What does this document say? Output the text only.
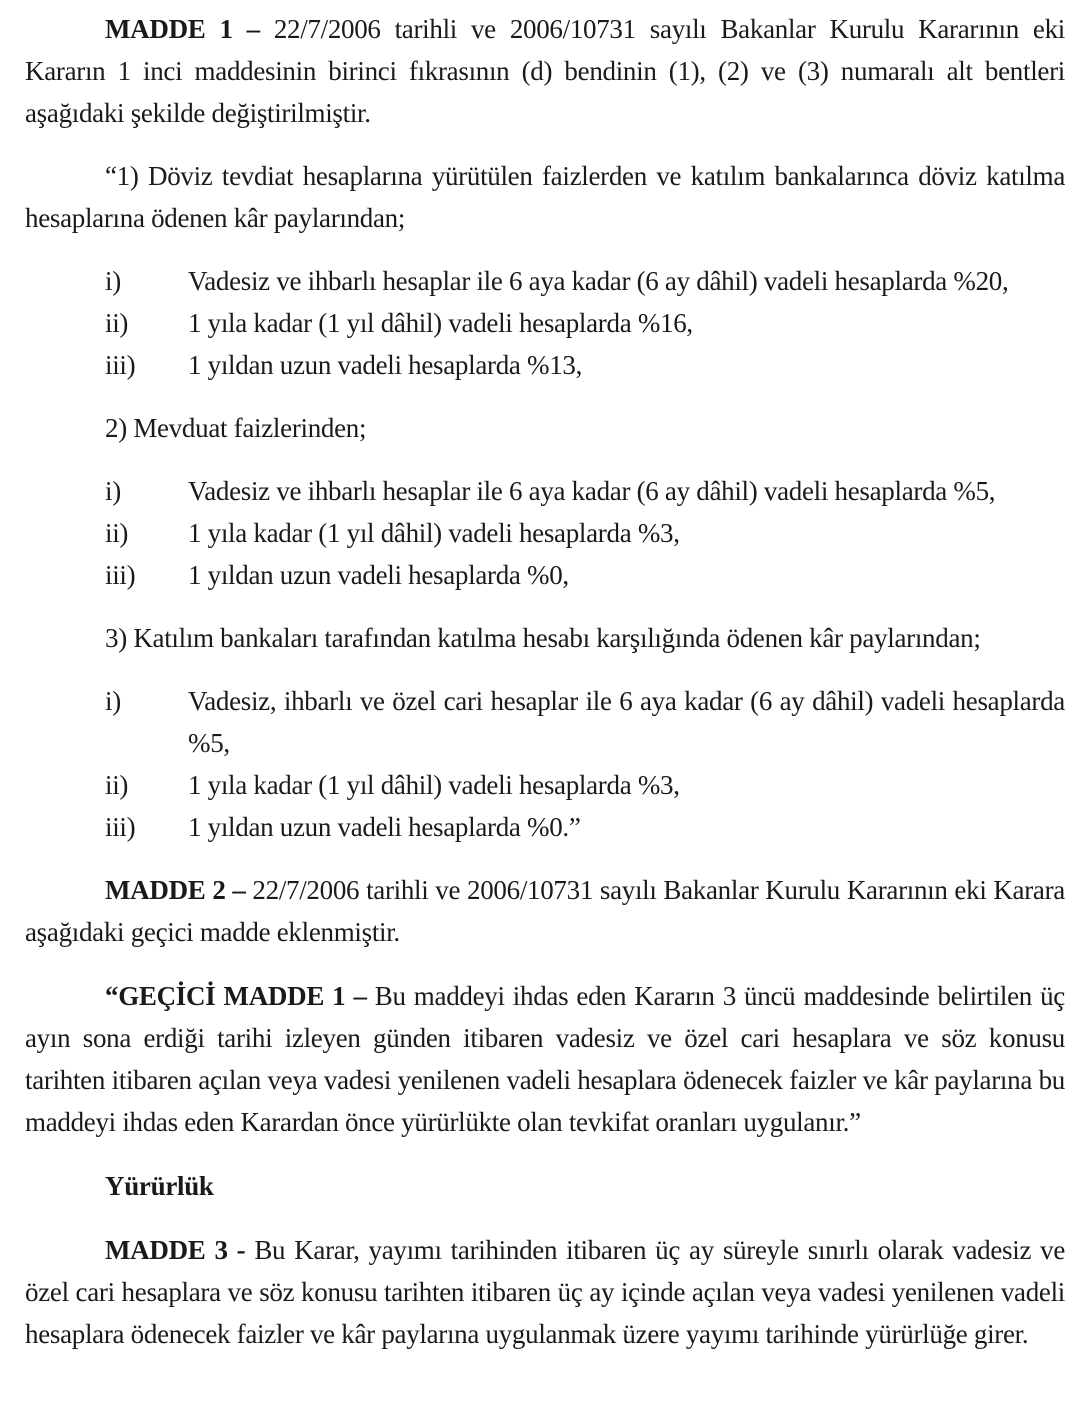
MADDE 1 – 22/7/2006 tarihli ve 2006/10731 sayılı Bakanlar Kurulu Kararının eki Kararın 1 inci maddesinin birinci fıkrasının (d) bendinin (1), (2) ve (3) numaralı alt bentleri aşağıdaki şekilde değiştirilmiştir.

“1) Döviz tevdiat hesaplarına yürütülen faizlerden ve katılım bankalarınca döviz katılma hesaplarına ödenen kâr paylarından;

i)	Vadesiz ve ihbarlı hesaplar ile 6 aya kadar (6 ay dâhil) vadeli hesaplarda %20,
ii)	1 yıla kadar (1 yıl dâhil) vadeli hesaplarda %16,
iii)	1 yıldan uzun vadeli hesaplarda %13,

2) Mevduat faizlerinden;

i)	Vadesiz ve ihbarlı hesaplar ile 6 aya kadar (6 ay dâhil) vadeli hesaplarda %5,
ii)	1 yıla kadar (1 yıl dâhil) vadeli hesaplarda %3,
iii)	1 yıldan uzun vadeli hesaplarda %0,

3) Katılım bankaları tarafından katılma hesabı karşılığında ödenen kâr paylarından;

i)	Vadesiz, ihbarlı ve özel cari hesaplar ile 6 aya kadar (6 ay dâhil) vadeli hesaplarda %5,
ii)	1 yıla kadar (1 yıl dâhil) vadeli hesaplarda %3,
iii)	1 yıldan uzun vadeli hesaplarda %0.”

MADDE 2 – 22/7/2006 tarihli ve 2006/10731 sayılı Bakanlar Kurulu Kararının eki Karara aşağıdaki geçici madde eklenmiştir.

“GEÇİCİ MADDE 1 – Bu maddeyi ihdas eden Kararın 3 üncü maddesinde belirtilen üç ayın sona erdiği tarihi izleyen günden itibaren vadesiz ve özel cari hesaplara ve söz konusu tarihten itibaren açılan veya vadesi yenilenen vadeli hesaplara ödenecek faizler ve kâr paylarına bu maddeyi ihdas eden Karardan önce yürürlükte olan tevkifat oranları uygulanır.”

Yürürlük

MADDE 3 - Bu Karar, yayımı tarihinden itibaren üç ay süreyle sınırlı olarak vadesiz ve özel cari hesaplara ve söz konusu tarihten itibaren üç ay içinde açılan veya vadesi yenilenen vadeli hesaplara ödenecek faizler ve kâr paylarına uygulanmak üzere yayımı tarihinde yürürlüğe girer.
